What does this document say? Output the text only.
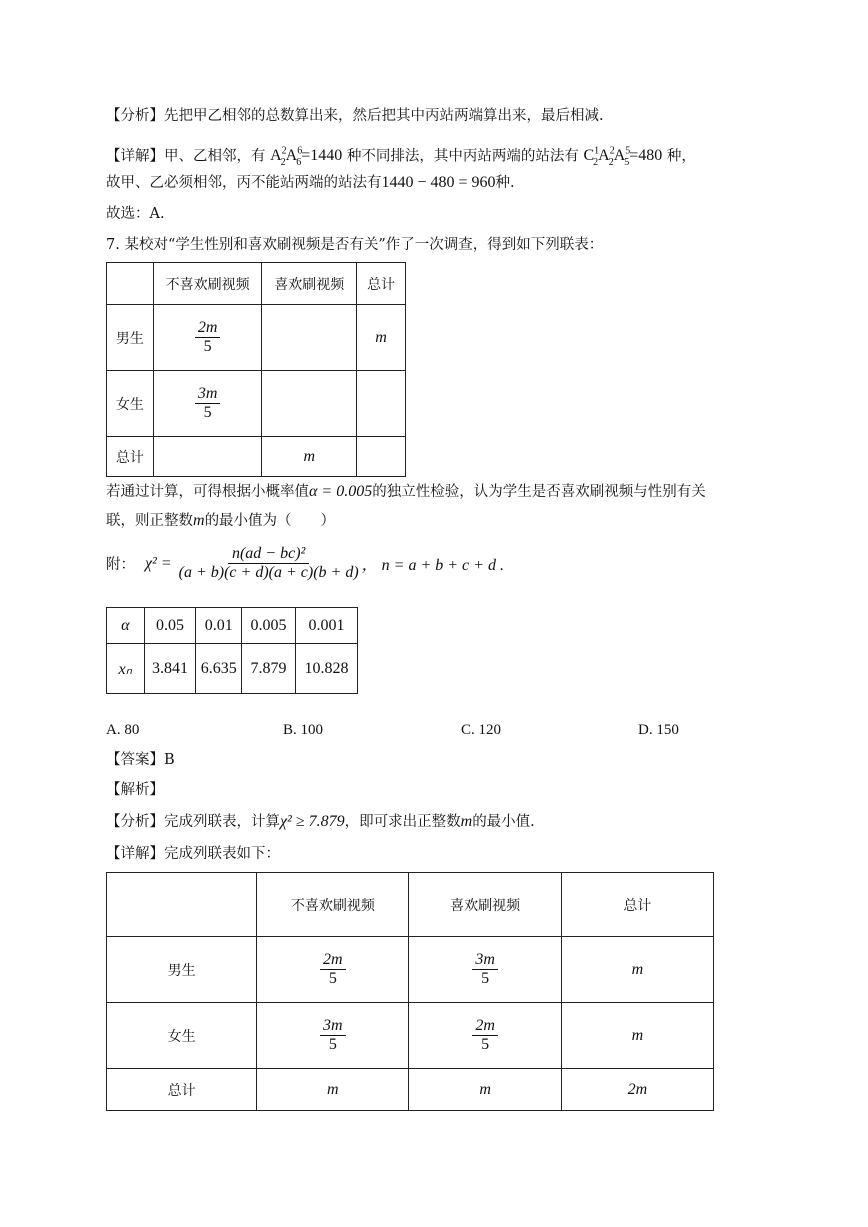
【分析】先把甲乙相邻的总数算出来，然后把其中丙站两端算出来，最后相减.
【详解】甲、乙相邻，有 $A^2_2A^6_6=1440$ 种不同排法，其中丙站两端的站法有 $C^1_2A^2_2A^5_5=480$ 种，
故甲、乙必须相邻，丙不能站两端的站法有1440 − 480 = 960种.
故选：A.
7. 某校对“学生性别和喜欢刷视频是否有关”作了一次调查，得到如下列联表：
	不喜欢刷视频	喜欢刷视频	总计
男生	$\frac{2m}{5}$		m
女生	$\frac{3m}{5}$

总计		m	
若通过计算，可得根据小概率值α = 0.005的独立性检验，认为学生是否喜欢刷视频与性别有关
联，则正整数m的最小值为（　　）
附： $\chi^2 = \frac{\text{n(ad − bc)²}}{(a + b)(c + d)(a + c)(b + d)}$ ， n = a + b + c + d .
α	0.05	0.01	0.005	0.001
xₙ	3.841	6.635	7.879	10.828
A. 80	B. 100	C. 120	D. 150
【答案】B
【解析】
【分析】完成列联表，计算χ² ≥ 7.879，即可求出正整数m的最小值.
【详解】完成列联表如下：
	不喜欢刷视频	喜欢刷视频	总计
男生	$\frac{2m}{5}$	$\frac{3m}{5}$	m
女生	$\frac{3m}{5}$	$\frac{2m}{5}$	m
总计	m	m	2m
